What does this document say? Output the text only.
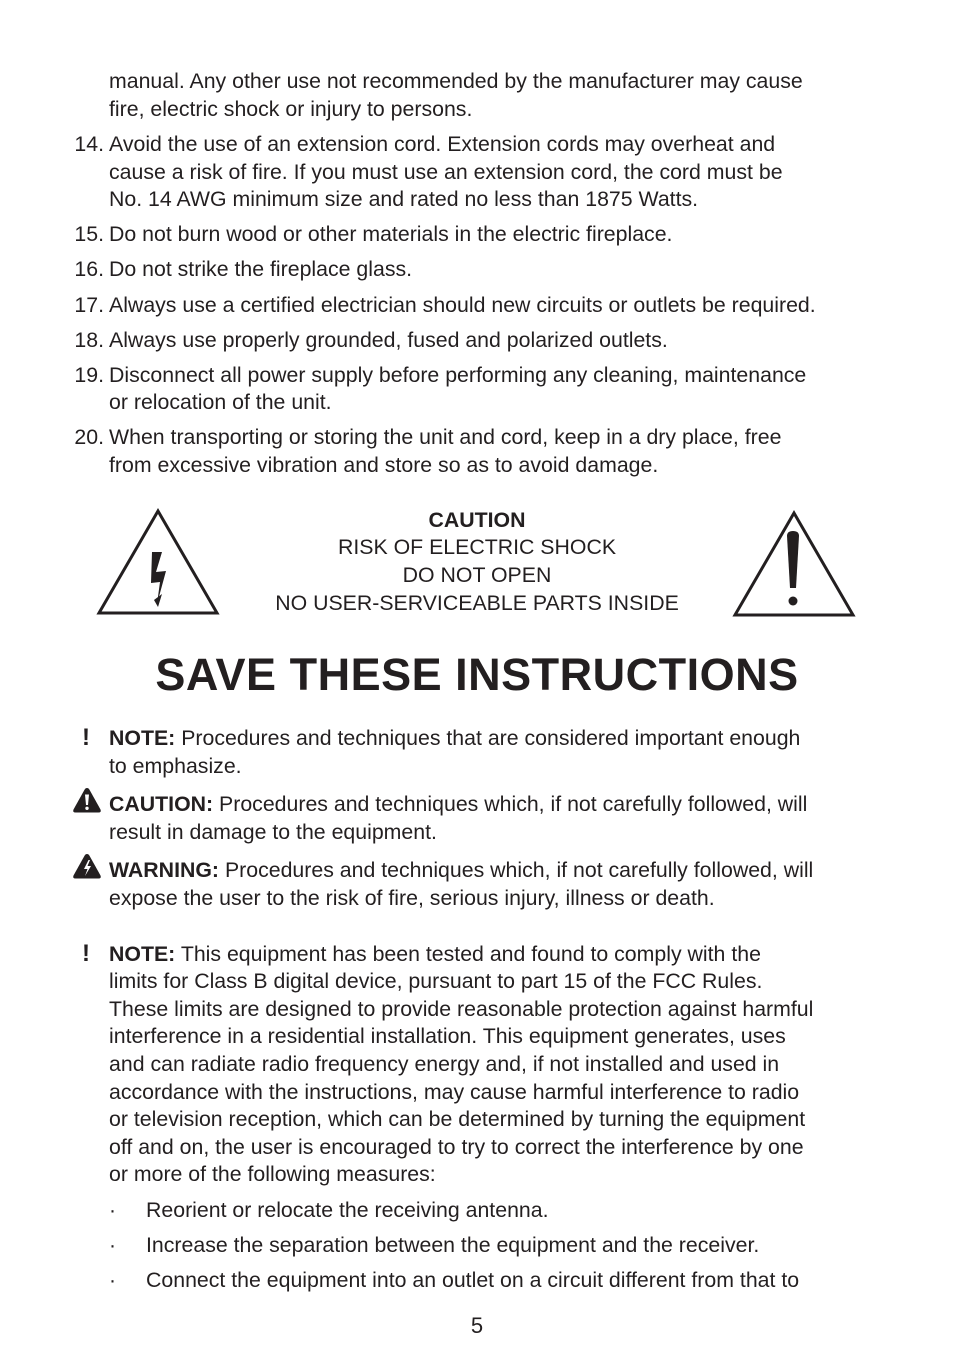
manual. Any other use not recommended by the manufacturer may cause
fire, electric shock or injury to persons.
14. Avoid the use of an extension cord. Extension cords may overheat and
cause a risk of fire. If you must use an extension cord, the cord must be
No. 14 AWG minimum size and rated no less than 1875 Watts.
15. Do not burn wood or other materials in the electric fireplace.
16. Do not strike the fireplace glass.
17. Always use a certified electrician should new circuits or outlets be required.
18. Always use properly grounded, fused and polarized outlets.
19. Disconnect all power supply before performing any cleaning, maintenance
or relocation of the unit.
20. When transporting or storing the unit and cord, keep in a dry place, free
from excessive vibration and store so as to avoid damage.
CAUTION
RISK OF ELECTRIC SHOCK
DO NOT OPEN
NO USER-SERVICEABLE PARTS INSIDE
SAVE THESE INSTRUCTIONS
! NOTE: Procedures and techniques that are considered important enough
to emphasize.
CAUTION: Procedures and techniques which, if not carefully followed, will
result in damage to the equipment.
WARNING: Procedures and techniques which, if not carefully followed, will
expose the user to the risk of fire, serious injury, illness or death.
! NOTE: This equipment has been tested and found to comply with the
limits for Class B digital device, pursuant to part 15 of the FCC Rules.
These limits are designed to provide reasonable protection against harmful
interference in a residential installation. This equipment generates, uses
and can radiate radio frequency energy and, if not installed and used in
accordance with the instructions, may cause harmful interference to radio
or television reception, which can be determined by turning the equipment
off and on, the user is encouraged to try to correct the interference by one
or more of the following measures:
· Reorient or relocate the receiving antenna.
· Increase the separation between the equipment and the receiver.
· Connect the equipment into an outlet on a circuit different from that to
5
